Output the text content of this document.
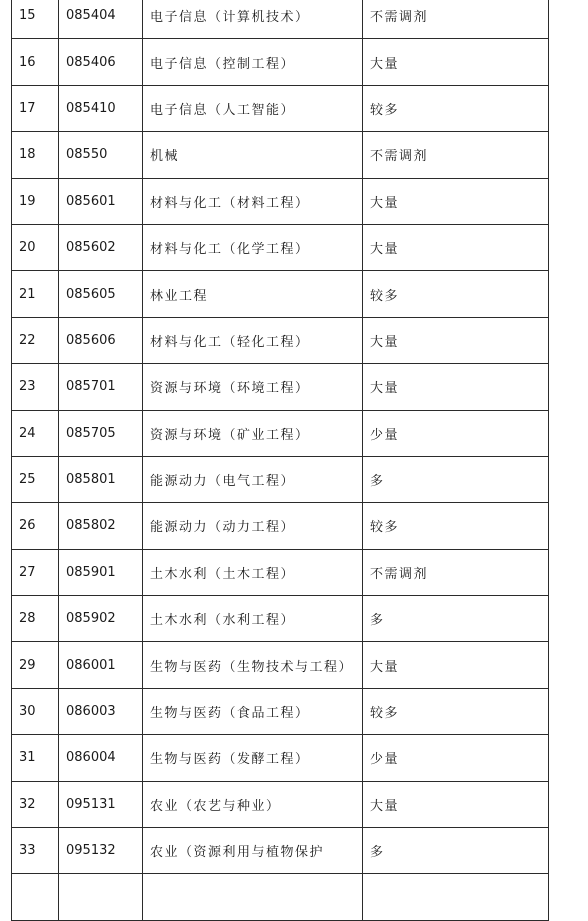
15	085404	电子信息（计算机技术）	不需调剂
16	085406	电子信息（控制工程）	大量
17	085410	电子信息（人工智能）	较多
18	08550	机械	不需调剂
19	085601	材料与化工（材料工程）	大量
20	085602	材料与化工（化学工程）	大量
21	085605	林业工程	较多
22	085606	材料与化工（轻化工程）	大量
23	085701	资源与环境（环境工程）	大量
24	085705	资源与环境（矿业工程）	少量
25	085801	能源动力（电气工程）	多
26	085802	能源动力（动力工程）	较多
27	085901	土木水利（土木工程）	不需调剂
28	085902	土木水利（水利工程）	多
29	086001	生物与医药（生物技术与工程）	大量
30	086003	生物与医药（食品工程）	较多
31	086004	生物与医药（发酵工程）	少量
32	095131	农业（农艺与种业）	大量
33	095132	农业（资源利用与植物保护	多
